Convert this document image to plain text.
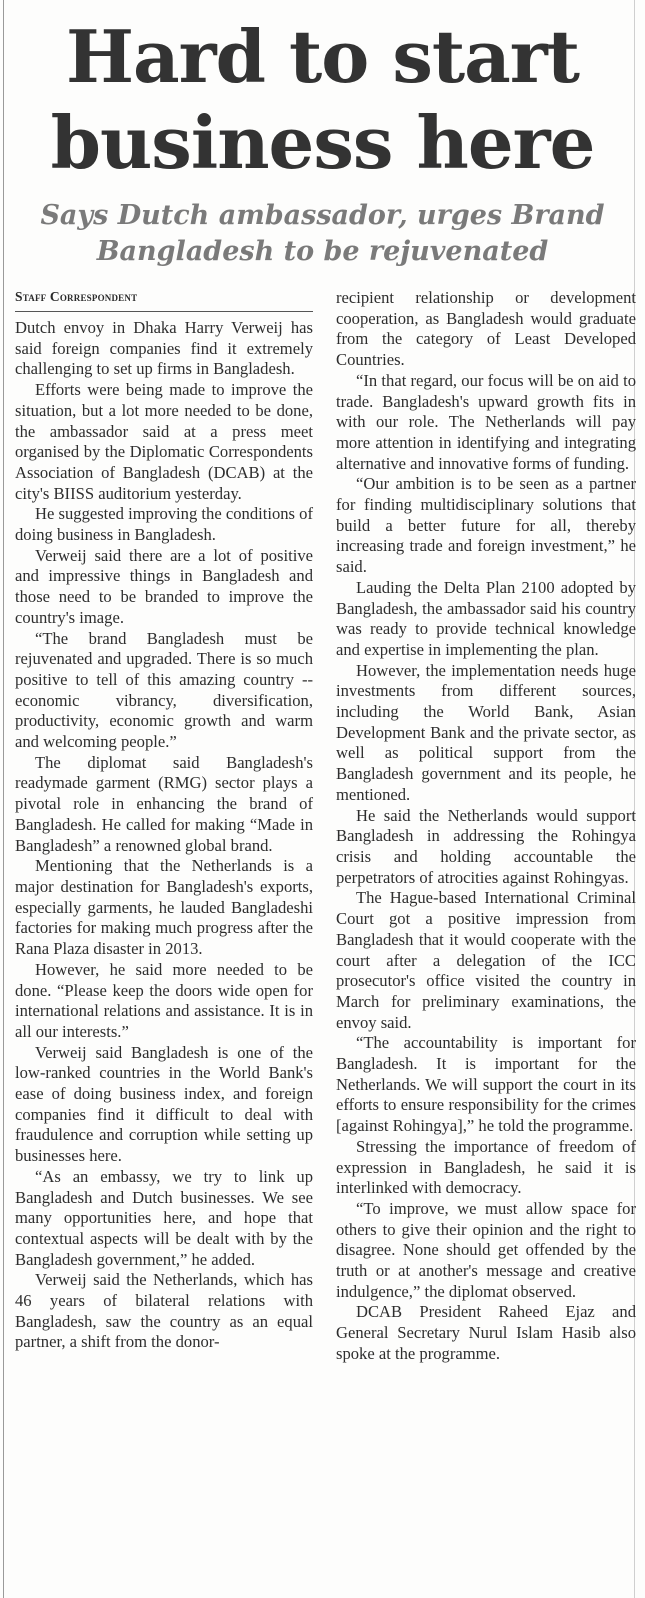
Hard to start
business here
Says Dutch ambassador, urges Brand
Bangladesh to be rejuvenated
Staff Correspondent

Dutch envoy in Dhaka Harry Verweij has said foreign companies find it extremely challenging to set up firms in Bangladesh.

Efforts were being made to improve the situation, but a lot more needed to be done, the ambassador said at a press meet organised by the Diplomatic Correspondents Association of Bangladesh (DCAB) at the city's BIISS auditorium yesterday.

He suggested improving the conditions of doing business in Bangladesh.

Verweij said there are a lot of positive and impressive things in Bangladesh and those need to be branded to improve the country's image.

“The brand Bangladesh must be rejuvenated and upgraded. There is so much positive to tell of this amazing country -- economic vibrancy, diversification, productivity, economic growth and warm and welcoming people.”

The diplomat said Bangladesh's readymade garment (RMG) sector plays a pivotal role in enhancing the brand of Bangladesh. He called for making “Made in Bangladesh” a renowned global brand.

Mentioning that the Netherlands is a major destination for Bangladesh's exports, especially garments, he lauded Bangladeshi factories for making much progress after the Rana Plaza disaster in 2013.

However, he said more needed to be done. “Please keep the doors wide open for international relations and assistance. It is in all our interests.”

Verweij said Bangladesh is one of the low-ranked countries in the World Bank's ease of doing business index, and foreign companies find it difficult to deal with fraudulence and corruption while setting up businesses here.

“As an embassy, we try to link up Bangladesh and Dutch businesses. We see many opportunities here, and hope that contextual aspects will be dealt with by the Bangladesh government,” he added.

Verweij said the Netherlands, which has 46 years of bilateral relations with Bangladesh, saw the country as an equal partner, a shift from the donor-

recipient relationship or development cooperation, as Bangladesh would graduate from the category of Least Developed Countries.

“In that regard, our focus will be on aid to trade. Bangladesh's upward growth fits in with our role. The Netherlands will pay more attention in identifying and integrating alternative and innovative forms of funding.

“Our ambition is to be seen as a partner for finding multidisciplinary solutions that build a better future for all, thereby increasing trade and foreign investment,” he said.

Lauding the Delta Plan 2100 adopted by Bangladesh, the ambassador said his country was ready to provide technical knowledge and expertise in implementing the plan.

However, the implementation needs huge investments from different sources, including the World Bank, Asian Development Bank and the private sector, as well as political support from the Bangladesh government and its people, he mentioned.

He said the Netherlands would support Bangladesh in addressing the Rohingya crisis and holding accountable the perpetrators of atrocities against Rohingyas.

The Hague-based International Criminal Court got a positive impression from Bangladesh that it would cooperate with the court after a delegation of the ICC prosecutor's office visited the country in March for preliminary examinations, the envoy said.

“The accountability is important for Bangladesh. It is important for the Netherlands. We will support the court in its efforts to ensure responsibility for the crimes [against Rohingya],” he told the programme.

Stressing the importance of freedom of expression in Bangladesh, he said it is interlinked with democracy.

“To improve, we must allow space for others to give their opinion and the right to disagree. None should get offended by the truth or at another's message and creative indulgence,” the diplomat observed.

DCAB President Raheed Ejaz and General Secretary Nurul Islam Hasib also spoke at the programme.
